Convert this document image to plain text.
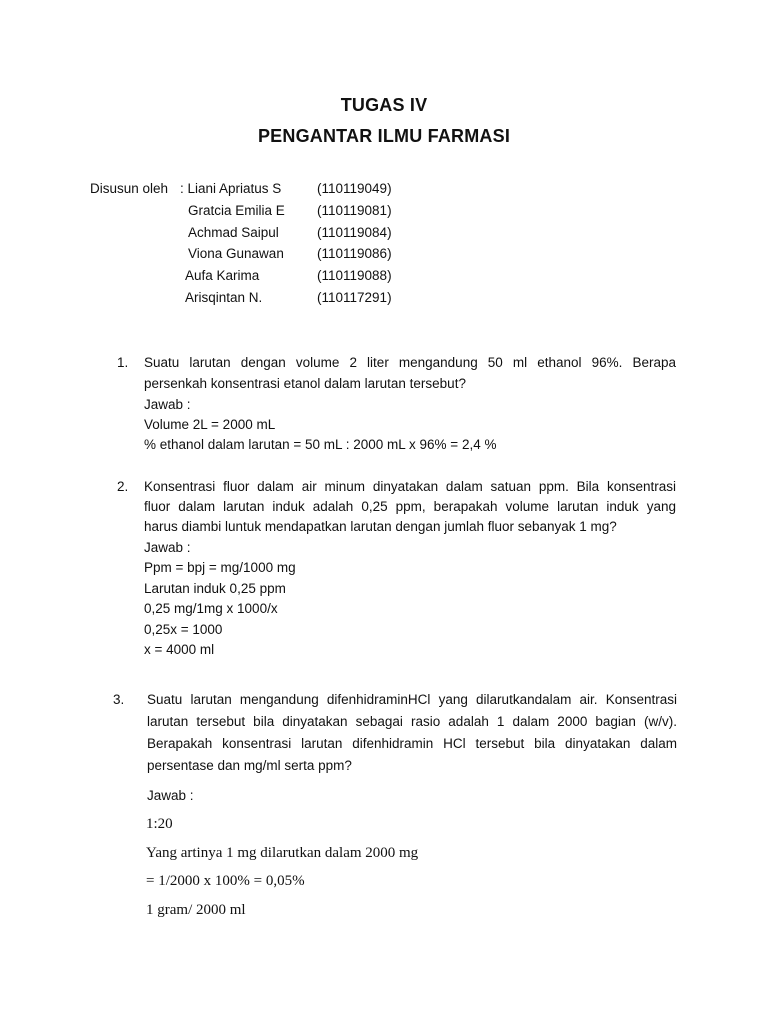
TUGAS IV
PENGANTAR ILMU FARMASI
Disusun oleh : Liani Apriatus S	(110119049)
Gratcia Emilia E (110119081)
Achmad Saipul	(110119084)
Viona Gunawan (110119086)
Aufa Karima	(110119088)
Arisqintan N.	(110117291)
1. Suatu larutan dengan volume 2 liter mengandung 50 ml ethanol 96%. Berapa
persenkah konsentrasi etanol dalam larutan tersebut?
Jawab :
Volume 2L = 2000 mL
% ethanol dalam larutan = 50 mL : 2000 mL x 96% = 2,4 %
2. Konsentrasi fluor dalam air minum dinyatakan dalam satuan ppm. Bila konsentrasi
fluor dalam larutan induk adalah 0,25 ppm, berapakah volume larutan induk yang
harus diambi luntuk mendapatkan larutan dengan jumlah fluor sebanyak 1 mg?
Jawab :
Ppm = bpj = mg/1000 mg
Larutan induk 0,25 ppm
0,25 mg/1mg x 1000/x
0,25x = 1000
x = 4000 ml
3. Suatu larutan mengandung difenhidraminHCl yang dilarutkandalam air. Konsentrasi
larutan tersebut bila dinyatakan sebagai rasio adalah 1 dalam 2000 bagian (w/v).
Berapakah konsentrasi larutan difenhidramin HCl tersebut bila dinyatakan dalam
persentase dan mg/ml serta ppm?
Jawab :
1:20
Yang artinya 1 mg dilarutkan dalam 2000 mg
= 1/2000 x 100% = 0,05%
1 gram/ 2000 ml
